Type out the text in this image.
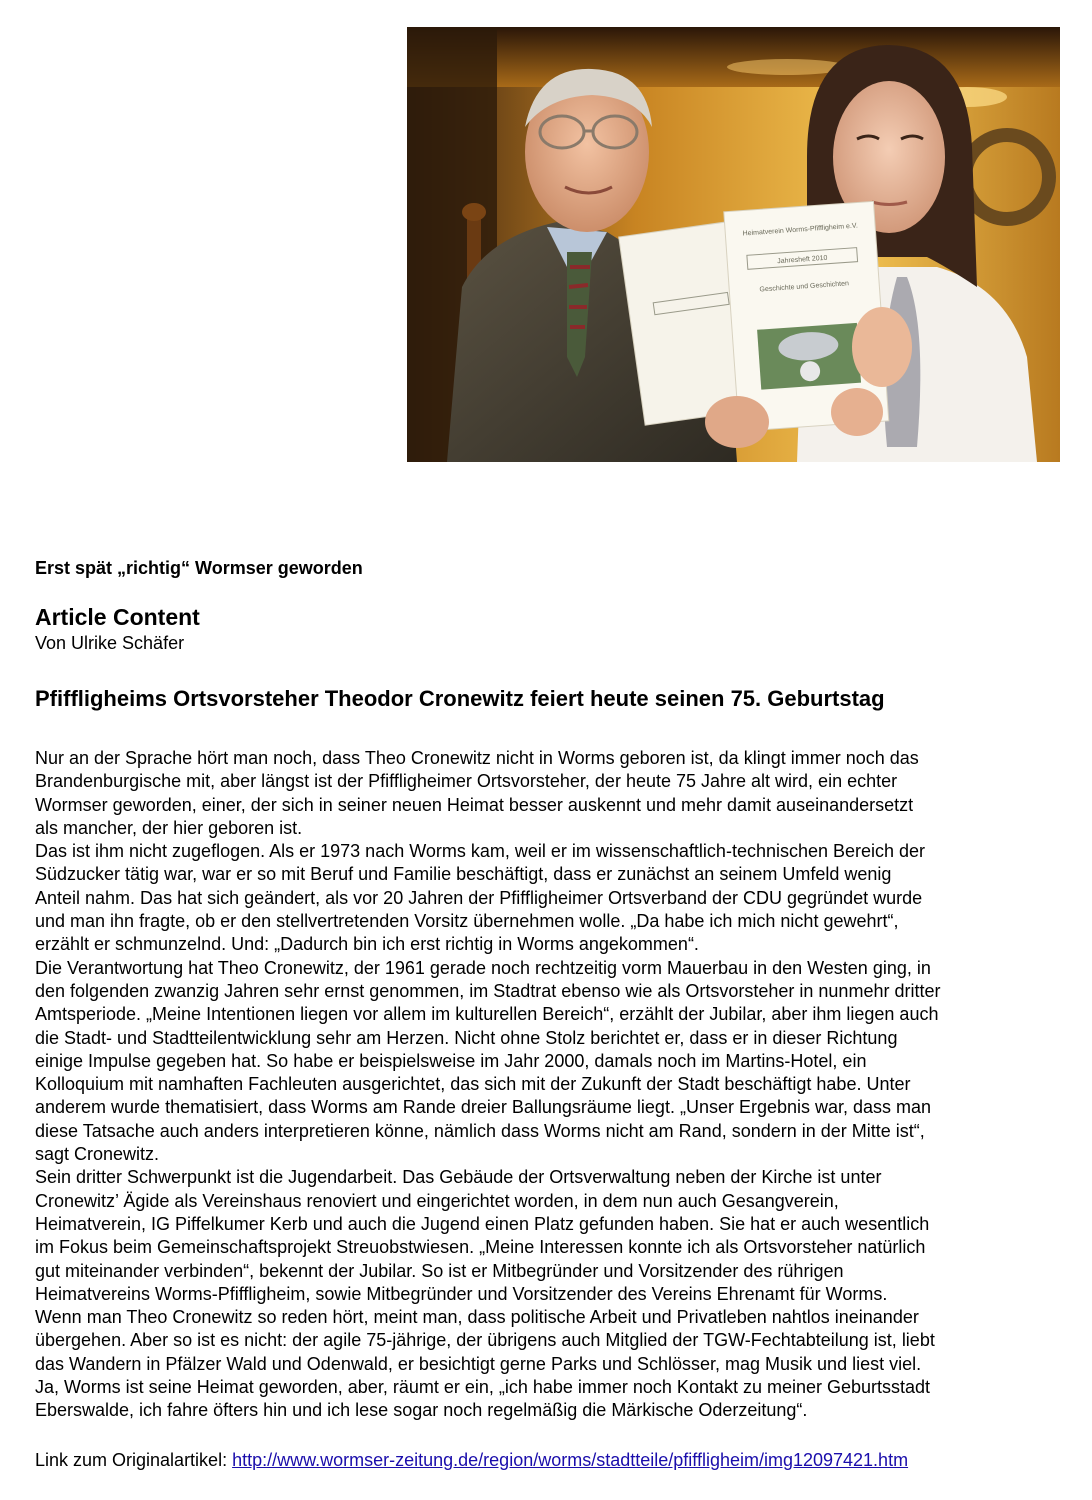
Heimatverein Worms-Pfiffligheim e.V.
Jahresheft 2010
Geschichte und Geschichten
Erst spät „richtig“ Wormser geworden
Article Content
Von Ulrike Schäfer
Pfiffligheims Ortsvorsteher Theodor Cronewitz feiert heute seinen 75. Geburtstag
Nur an der Sprache hört man noch, dass Theo Cronewitz nicht in Worms geboren ist, da klingt immer noch das
Brandenburgische mit, aber längst ist der Pfiffligheimer Ortsvorsteher, der heute 75 Jahre alt wird, ein echter
Wormser geworden, einer, der sich in seiner neuen Heimat besser auskennt und mehr damit auseinandersetzt
als mancher, der hier geboren ist.
Das ist ihm nicht zugeflogen. Als er 1973 nach Worms kam, weil er im wissenschaftlich-technischen Bereich der
Südzucker tätig war, war er so mit Beruf und Familie beschäftigt, dass er zunächst an seinem Umfeld wenig
Anteil nahm. Das hat sich geändert, als vor 20 Jahren der Pfiffligheimer Ortsverband der CDU gegründet wurde
und man ihn fragte, ob er den stellvertretenden Vorsitz übernehmen wolle. „Da habe ich mich nicht gewehrt“,
erzählt er schmunzelnd. Und: „Dadurch bin ich erst richtig in Worms angekommen“.
Die Verantwortung hat Theo Cronewitz, der 1961 gerade noch rechtzeitig vorm Mauerbau in den Westen ging, in
den folgenden zwanzig Jahren sehr ernst genommen, im Stadtrat ebenso wie als Ortsvorsteher in nunmehr dritter
Amtsperiode. „Meine Intentionen liegen vor allem im kulturellen Bereich“, erzählt der Jubilar, aber ihm liegen auch
die Stadt- und Stadtteilentwicklung sehr am Herzen. Nicht ohne Stolz berichtet er, dass er in dieser Richtung
einige Impulse gegeben hat. So habe er beispielsweise im Jahr 2000, damals noch im Martins-Hotel, ein
Kolloquium mit namhaften Fachleuten ausgerichtet, das sich mit der Zukunft der Stadt beschäftigt habe. Unter
anderem wurde thematisiert, dass Worms am Rande dreier Ballungsräume liegt. „Unser Ergebnis war, dass man
diese Tatsache auch anders interpretieren könne, nämlich dass Worms nicht am Rand, sondern in der Mitte ist“,
sagt Cronewitz.
Sein dritter Schwerpunkt ist die Jugendarbeit. Das Gebäude der Ortsverwaltung neben der Kirche ist unter
Cronewitz’ Ägide als Vereinshaus renoviert und eingerichtet worden, in dem nun auch Gesangverein,
Heimatverein, IG Piffelkumer Kerb und auch die Jugend einen Platz gefunden haben. Sie hat er auch wesentlich
im Fokus beim Gemeinschaftsprojekt Streuobstwiesen. „Meine Interessen konnte ich als Ortsvorsteher natürlich
gut miteinander verbinden“, bekennt der Jubilar. So ist er Mitbegründer und Vorsitzender des rührigen
Heimatvereins Worms-Pfiffligheim, sowie Mitbegründer und Vorsitzender des Vereins Ehrenamt für Worms.
Wenn man Theo Cronewitz so reden hört, meint man, dass politische Arbeit und Privatleben nahtlos ineinander
übergehen. Aber so ist es nicht: der agile 75-jährige, der übrigens auch Mitglied der TGW-Fechtabteilung ist, liebt
das Wandern in Pfälzer Wald und Odenwald, er besichtigt gerne Parks und Schlösser, mag Musik und liest viel.
Ja, Worms ist seine Heimat geworden, aber, räumt er ein, „ich habe immer noch Kontakt zu meiner Geburtsstadt
Eberswalde, ich fahre öfters hin und ich lese sogar noch regelmäßig die Märkische Oderzeitung“.
Link zum Originalartikel: http://www.wormser-zeitung.de/region/worms/stadtteile/pfiffligheim/img12097421.htm
